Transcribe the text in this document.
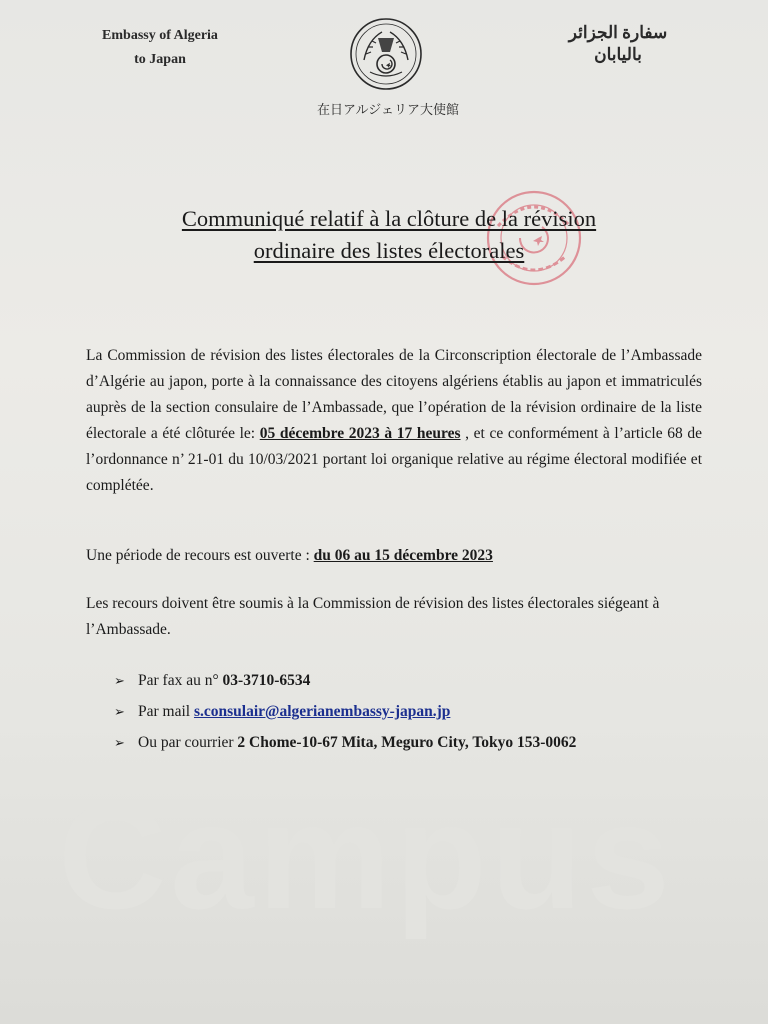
Campus
Embassy of Algeria
to Japan
سفارة الجزائر
باليابان
在日アルジェリア大使館
Communiqué relatif à la clôture de la révision
ordinaire des listes électorales
La Commission de révision des listes électorales de la Circonscription électorale de l’Ambassade d’Algérie au japon, porte à la connaissance des citoyens algériens établis au japon et immatriculés auprès de la section consulaire de l’Ambassade, que l’opération de la révision ordinaire de la liste électorale a été clôturée le: 05 décembre 2023 à 17 heures , et ce conformément à l’article 68 de l’ordonnance n’ 21-01 du 10/03/2021 portant loi organique relative au régime électoral modifiée et complétée.
Une période de recours est ouverte : du 06 au 15 décembre 2023
Les recours doivent être soumis à la Commission de révision des listes électorales siégeant à l’Ambassade.
➢ Par fax au n° 03-3710-6534
➢ Par mail s.consulair@algerianembassy-japan.jp
➢ Ou par courrier 2 Chome-10-67 Mita, Meguro City, Tokyo 153-0062
